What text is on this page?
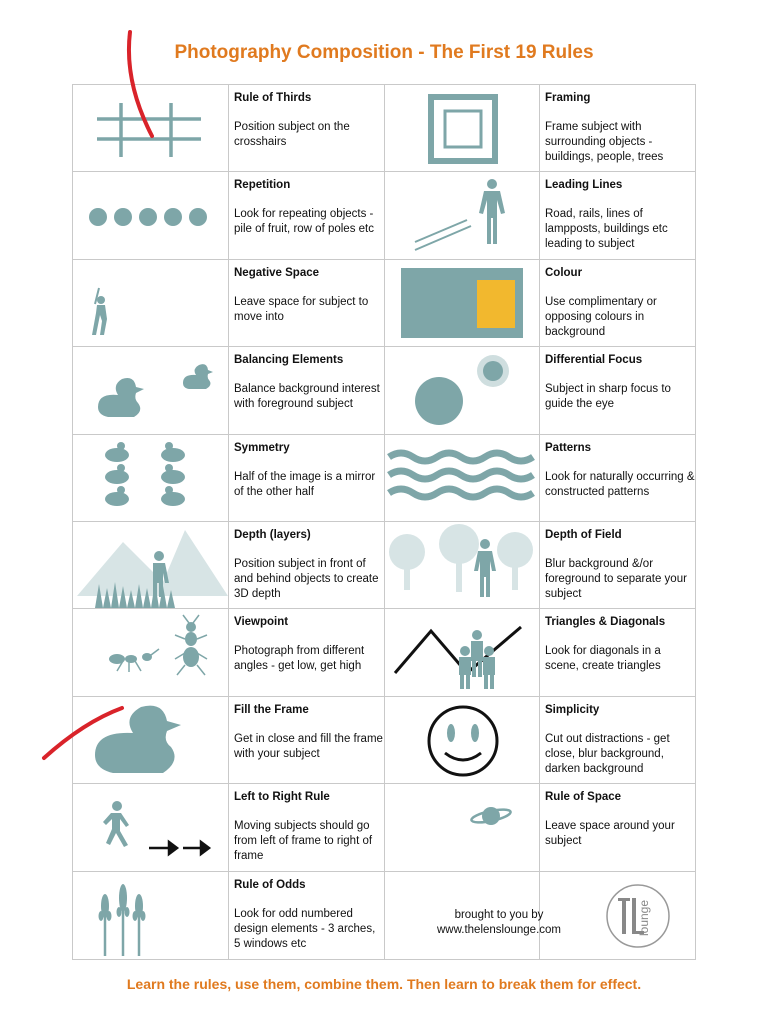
Photography Composition - The First 19 Rules
Rule of Thirds
Position subject on the crosshairs
Framing
Frame subject with surrounding objects - buildings, people, trees
Repetition
Look for repeating objects - pile of fruit, row of poles etc
Leading Lines
Road, rails, lines of lampposts, buildings etc leading to subject
Negative Space
Leave space for subject to move into
Colour
Use complimentary or opposing colours in background
Balancing Elements
Balance background interest with foreground subject
Differential Focus
Subject in sharp focus to guide the eye
Symmetry
Half of the image is a mirror of the other half
Patterns
Look for naturally occurring & constructed patterns
Depth (layers)
Position subject in front of and behind objects to create 3D depth
Depth of Field
Blur background &/or foreground to separate your subject
Viewpoint
Photograph from different angles - get low, get high
Triangles & Diagonals
Look for diagonals in a scene, create triangles
Fill the Frame
Get in close and fill the frame with your subject
Simplicity
Cut out distractions - get close, blur background, darken background
Left to Right Rule
Moving subjects should go from left of frame to right of frame
Rule of Space
Leave space around your subject
Rule of Odds
Look for odd numbered design elements - 3 arches, 5 windows etc
brought to you by
www.thelenslounge.com	lounge
Learn the rules, use them, combine them. Then learn to break them for effect.
